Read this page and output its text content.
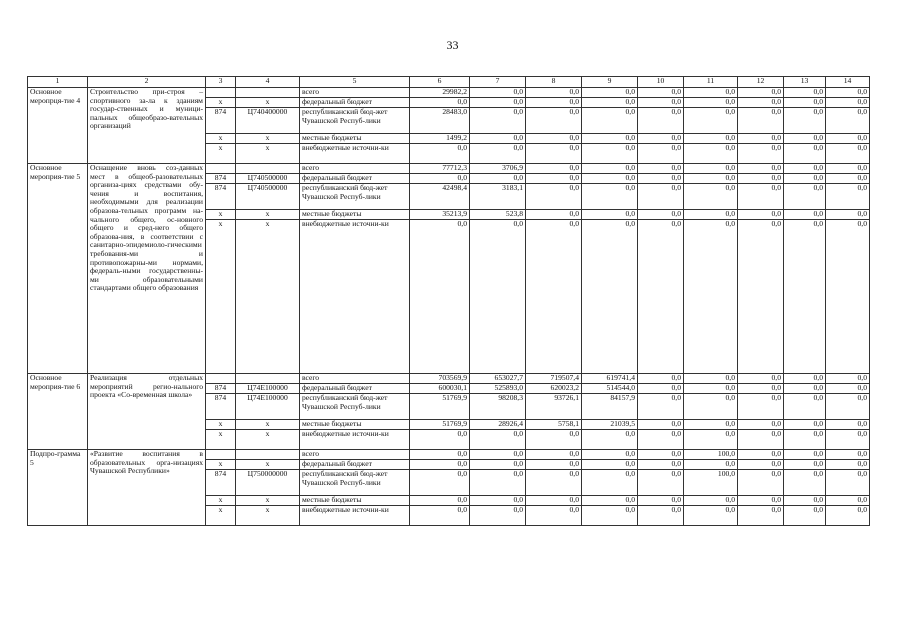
33
1	2	3	4	5	6	7	8	9	10	11	12	13	14
Основное меропрця-тие 4	Строительство при-строя – спортивного за-ла к зданиям государ-ственных и муници-пальных общеобразо-вательных организаций			всего	29982,2	0,0	0,0	0,0	0,0	0,0	0,0	0,0	0,0
		x	x	федеральный бюджет	0,0	0,0	0,0	0,0	0,0	0,0	0,0	0,0	0,0
		874	Ц740400000	республиканский бюд-жет Чувашской Респуб-лики	28483,0	0,0	0,0	0,0	0,0	0,0	0,0	0,0	0,0
		x	x	местные бюджеты	1499,2	0,0	0,0	0,0	0,0	0,0	0,0	0,0	0,0
		x	x	внебюджетные источни-ки	0,0	0,0	0,0	0,0	0,0	0,0	0,0	0,0	0,0
Основное мероприя-тие 5	Оснащение вновь соз-данных мест в общеоб-разовательных организа-циях средствами обу-чения и воспитания, необходимыми для реализации образова-тельных программ на-чального общего, ос-новного общего и сред-него общего образова-ния, в соответствии с санитарно-эпидемиоло-гическими требования-ми и противопожарны-ми нормами, федераль-ными государственны-ми образовательными стандартами общего образования			всего	77712,3	3706,9	0,0	0,0	0,0	0,0	0,0	0,0	0,0
		874	Ц740500000	федеральный бюджет	0,0	0,0	0,0	0,0	0,0	0,0	0,0	0,0	0,0
		874	Ц740500000	республиканский бюд-жет Чувашской Респуб-лики	42498,4	3183,1	0,0	0,0	0,0	0,0	0,0	0,0	0,0
		x	x	местные бюджеты	35213,9	523,8	0,0	0,0	0,0	0,0	0,0	0,0	0,0
		x	x	внебюджетные источни-ки	0,0	0,0	0,0	0,0	0,0	0,0	0,0	0,0	0,0
Основное мероприя-тие 6	Реализация отдельных мероприятий регио-нального проекта «Со-временная школа»			всего	703569,9	653027,7	719507,4	619741,4	0,0	0,0	0,0	0,0	0,0
		874	Ц74Е100000	федеральный бюджет	600030,1	525893,0	620023,2	514544,0	0,0	0,0	0,0	0,0	0,0
		874	Ц74Е100000	республиканский бюд-жет Чувашской Респуб-лики	51769,9	98208,3	93726,1	84157,9	0,0	0,0	0,0	0,0	0,0
		x	x	местные бюджеты	51769,9	28926,4	5758,1	21039,5	0,0	0,0	0,0	0,0	0,0
		x	x	внебюджетные источни-ки	0,0	0,0	0,0	0,0	0,0	0,0	0,0	0,0	0,0
Подпро-грамма 5	«Развитие воспитания в образовательных орга-низациях Чувашской Республики»			всего	0,0	0,0	0,0	0,0	0,0	100,0	0,0	0,0	0,0
		x	x	федеральный бюджет	0,0	0,0	0,0	0,0	0,0	0,0	0,0	0,0	0,0
		874	Ц750000000	республиканский бюд-жет Чувашской Респуб-лики	0,0	0,0	0,0	0,0	0,0	100,0	0,0	0,0	0,0
		x	x	местные бюджеты	0,0	0,0	0,0	0,0	0,0	0,0	0,0	0,0	0,0
		x	x	внебюджетные источни-ки	0,0	0,0	0,0	0,0	0,0	0,0	0,0	0,0	0,0
